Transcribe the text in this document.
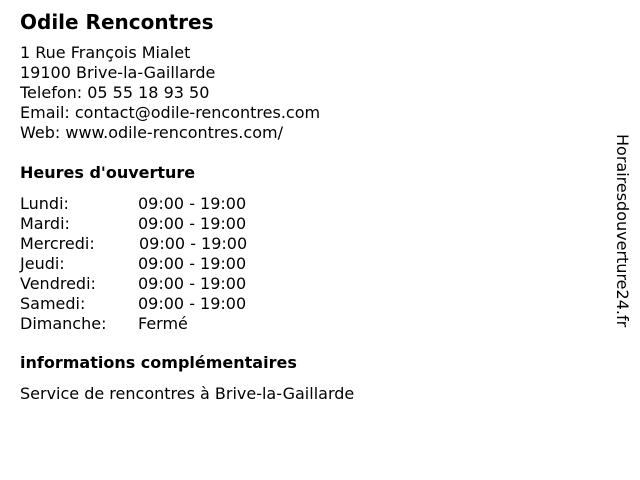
Odile Rencontres
1 Rue François Mialet
19100 Brive-la-Gaillarde
Telefon: 05 55 18 93 50
Email: contact@odile-rencontres.com
Web: www.odile-rencontres.com/
Heures d'ouverture
Lundi:	09:00 - 19:00
Mardi:	09:00 - 19:00
Mercredi:	09:00 - 19:00
Jeudi:	09:00 - 19:00
Vendredi:	09:00 - 19:00
Samedi:	09:00 - 19:00
Dimanche: Fermé
informations complémentaires
Service de rencontres à Brive-la-Gaillarde
Horairesdouverture24.fr
